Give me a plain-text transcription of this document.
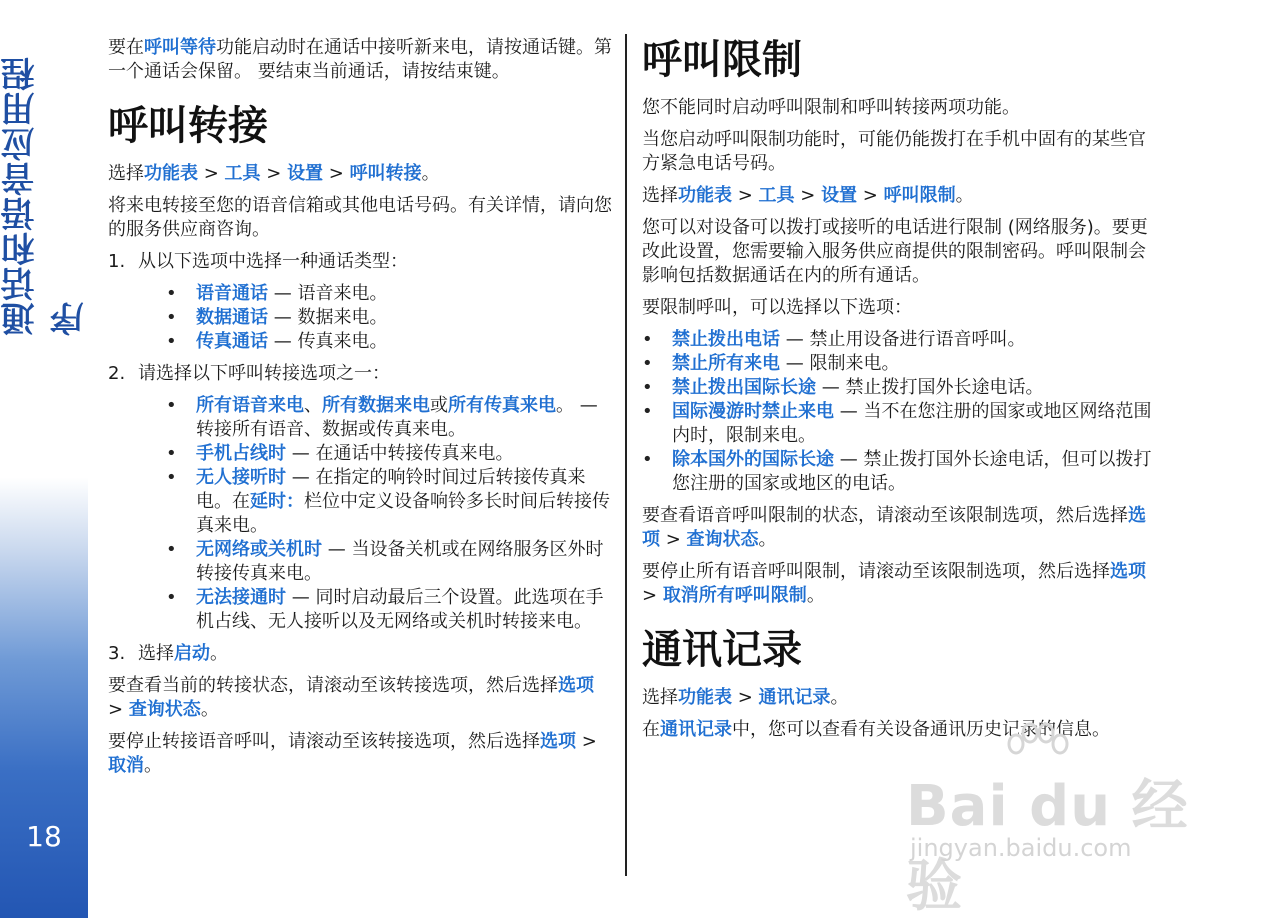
通话和语音应用程序
18

要在呼叫等待功能启动时在通话中接听新来电，请按通话键。第一个通话会保留。 要结束当前通话，请按结束键。

呼叫转接

选择功能表 > 工具 > 设置 > 呼叫转接。

将来电转接至您的语音信箱或其他电话号码。有关详情，请向您的服务供应商咨询。

1. 从以下选项中选择一种通话类型：
• 语音通话 — 语音来电。
• 数据通话 — 数据来电。
• 传真通话 — 传真来电。
2. 请选择以下呼叫转接选项之一：
• 所有语音来电、所有数据来电或所有传真来电。 — 转接所有语音、数据或传真来电。
• 手机占线时 — 在通话中转接传真来电。
• 无人接听时 — 在指定的响铃时间过后转接传真来电。在延时：栏位中定义设备响铃多长时间后转接传真来电。
• 无网络或关机时 — 当设备关机或在网络服务区外时转接传真来电。
• 无法接通时 — 同时启动最后三个设置。此选项在手机占线、无人接听以及无网络或关机时转接来电。
3. 选择启动。

要查看当前的转接状态，请滚动至该转接选项，然后选择选项 > 查询状态。

要停止转接语音呼叫，请滚动至该转接选项，然后选择选项 > 取消。

呼叫限制

您不能同时启动呼叫限制和呼叫转接两项功能。

当您启动呼叫限制功能时，可能仍能拨打在手机中固有的某些官方紧急电话号码。

选择功能表 > 工具 > 设置 > 呼叫限制。

您可以对设备可以拨打或接听的电话进行限制 (网络服务)。要更改此设置，您需要输入服务供应商提供的限制密码。呼叫限制会影响包括数据通话在内的所有通话。

要限制呼叫，可以选择以下选项：

• 禁止拨出电话 — 禁止用设备进行语音呼叫。
• 禁止所有来电 — 限制来电。
• 禁止拨出国际长途 — 禁止拨打国外长途电话。
• 国际漫游时禁止来电 — 当不在您注册的国家或地区网络范围内时，限制来电。
• 除本国外的国际长途 — 禁止拨打国外长途电话，但可以拨打您注册的国家或地区的电话。

要查看语音呼叫限制的状态，请滚动至该限制选项，然后选择选项 > 查询状态。

要停止所有语音呼叫限制，请滚动至该限制选项，然后选择选项 > 取消所有呼叫限制。

通讯记录

选择功能表 > 通讯记录。

在通讯记录中，您可以查看有关设备通讯历史记录的信息。

Bai du 经验
jingyan.baidu.com
